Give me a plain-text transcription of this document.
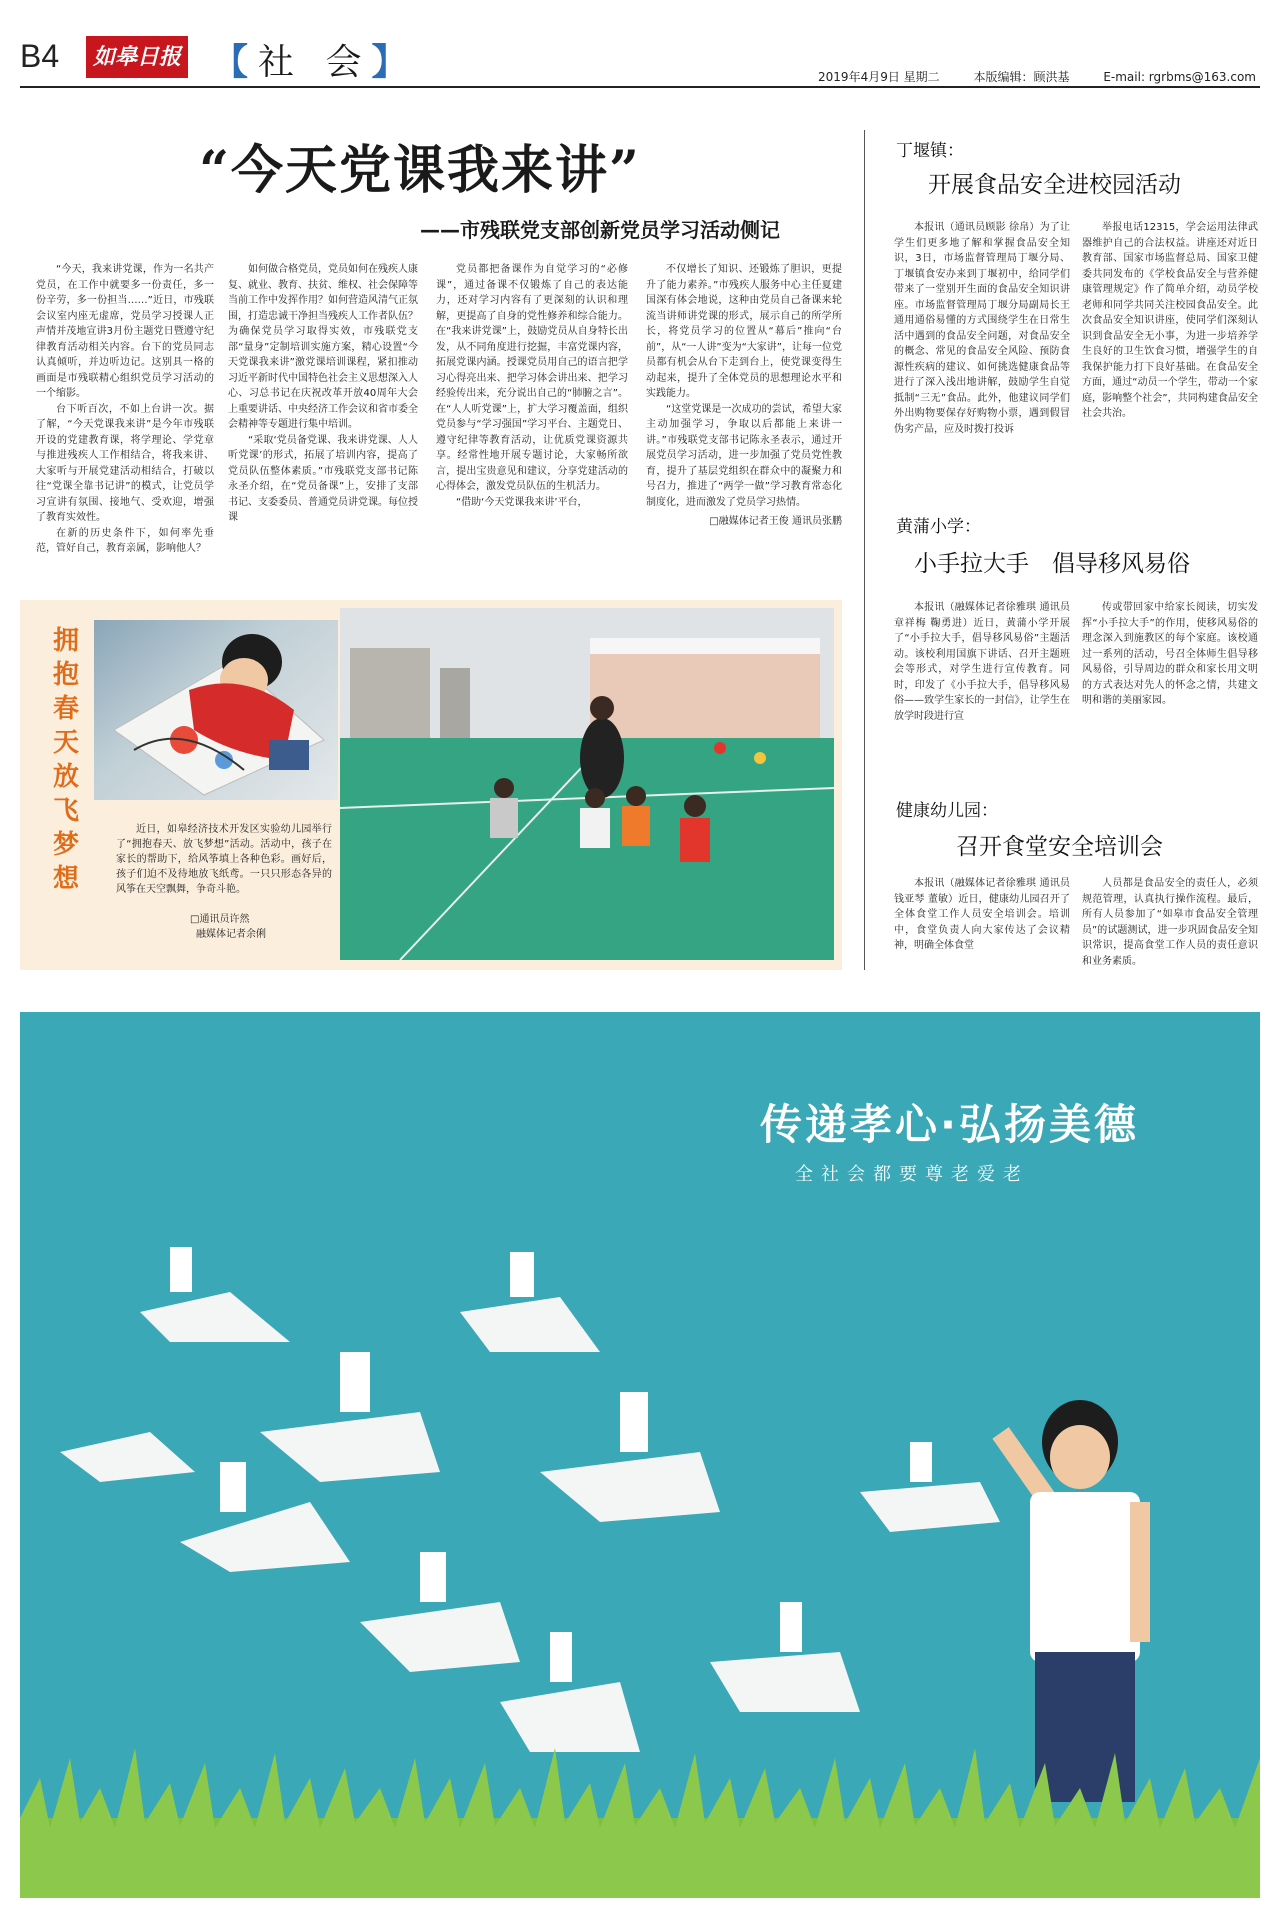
B4	如皋日报 【社 会】	2019年4月9日 星期二	本版编辑：顾洪基	E-mail: rgrbms@163.com
“今天党课我来讲”
——市残联党支部创新党员学习活动侧记

“今天，我来讲党课，作为一名共产党员，在工作中就要多一份责任，多一份辛劳，多一份担当……”近日，市残联会议室内座无虚席，党员学习授课人正声情并茂地宣讲3月份主题党日暨遵守纪律教育活动相关内容。台下的党员同志认真倾听，并边听边记。这别具一格的画面是市残联精心组织党员学习活动的一个缩影。

台下听百次，不如上台讲一次。据了解，“今天党课我来讲”是今年市残联开设的党建教育课，将学理论、学党章与推进残疾人工作相结合，将我来讲、大家听与开展党建活动相结合，打破以往“党课全靠书记讲”的模式，让党员学习宣讲有氛围、接地气、受欢迎，增强了教育实效性。

在新的历史条件下，如何率先垂范，管好自己，教育亲属，影响他人？

如何做合格党员，党员如何在残疾人康复、就业、教育、扶贫、维权、社会保障等当前工作中发挥作用？如何营造风清气正氛围，打造忠诚干净担当残疾人工作者队伍？为确保党员学习取得实效，市残联党支部“量身”定制培训实施方案，精心设置“今天党课我来讲”激党课培训课程，紧扣推动习近平新时代中国特色社会主义思想深入人心、习总书记在庆祝改革开放40周年大会上重要讲话、中央经济工作会议和省市委全会精神等专题进行集中培训。

“采取‘党员备党课、我来讲党课、人人听党课’的形式，拓展了培训内容，提高了党员队伍整体素质。”市残联党支部书记陈永圣介绍，在“党员备课”上，安排了支部书记、支委委员、普通党员讲党课。每位授课

党员都把备课作为自觉学习的“必修课”，通过备课不仅锻炼了自己的表达能力，还对学习内容有了更深刻的认识和理解，更提高了自身的党性修养和综合能力。在“我来讲党课”上，鼓励党员从自身特长出发，从不同角度进行挖掘，丰富党课内容，拓展党课内涵。授课党员用自己的语言把学习心得亮出来、把学习体会讲出来、把学习经验传出来，充分说出自己的“肺腑之言”。在“人人听党课”上，扩大学习覆盖面，组织党员参与“学习强国”学习平台、主题党日、遵守纪律等教育活动，让优质党课资源共享。经常性地开展专题讨论，大家畅所欲言，提出宝贵意见和建议，分享党建活动的心得体会，激发党员队伍的生机活力。

“借助‘今天党课我来讲’平台，

不仅增长了知识、还锻炼了胆识，更提升了能力素养。”市残疾人服务中心主任夏建国深有体会地说，这种由党员自己备课来轮流当讲师讲党课的形式，展示自己的所学所长，将党员学习的位置从“幕后”推向“台前”，从“一人讲”变为“大家讲”，让每一位党员都有机会从台下走到台上，使党课变得生动起来，提升了全体党员的思想理论水平和实践能力。

“这堂党课是一次成功的尝试，希望大家主动加强学习，争取以后都能上来讲一讲。”市残联党支部书记陈永圣表示，通过开展党员学习活动，进一步加强了党员党性教育，提升了基层党组织在群众中的凝聚力和号召力，推进了“两学一做”学习教育常态化制度化，进而激发了党员学习热情。

□融媒体记者王俊 通讯员张鹏
拥抱春天 放飞梦想

近日，如皋经济技术开发区实验幼儿园举行了“拥抱春天、放飞梦想”活动。活动中，孩子在家长的帮助下，给风筝填上各种色彩。画好后，孩子们迫不及待地放飞纸鸢。一只只形态各异的风筝在天空飘舞，争奇斗艳。

□通讯员许然
融媒体记者余俐
丁堰镇：
开展食品安全进校园活动

本报讯（通讯员顾影 徐帛）为了让学生们更多地了解和掌握食品安全知识，3日，市场监督管理局丁堰分局、丁堰镇食安办来到丁堰初中，给同学们带来了一堂别开生面的食品安全知识讲座。市场监督管理局丁堰分局副局长王通用通俗易懂的方式围绕学生在日常生活中遇到的食品安全问题，对食品安全的概念、常见的食品安全风险、预防食源性疾病的建议、如何挑选健康食品等进行了深入浅出地讲解，鼓励学生自觉抵制“三无”食品。此外，他建议同学们外出购物要保存好购物小票，遇到假冒伪劣产品，应及时拨打投诉

举报电话12315，学会运用法律武器维护自己的合法权益。讲座还对近日教育部、国家市场监督总局、国家卫健委共同发布的《学校食品安全与营养健康管理规定》作了简单介绍，动员学校老师和同学共同关注校园食品安全。此次食品安全知识讲座，使同学们深刻认识到食品安全无小事，为进一步培养学生良好的卫生饮食习惯，增强学生的自我保护能力打下良好基础。在食品安全方面，通过“动员一个学生，带动一个家庭，影响整个社会”，共同构建食品安全社会共治。

黄蒲小学：
小手拉大手　倡导移风易俗

本报讯（融媒体记者徐雅琪 通讯员章祥梅 鞠勇进）近日，黄蒲小学开展了“小手拉大手，倡导移风易俗”主题活动。该校利用国旗下讲话、召开主题班会等形式，对学生进行宣传教育。同时，印发了《小手拉大手，倡导移风易俗——致学生家长的一封信》，让学生在放学时段进行宣

传或带回家中给家长阅读，切实发挥“小手拉大手”的作用，使移风易俗的理念深入到施教区的每个家庭。该校通过一系列的活动，号召全体师生倡导移风易俗，引导周边的群众和家长用文明的方式表达对先人的怀念之情，共建文明和谐的美丽家园。

健康幼儿园：
召开食堂安全培训会

本报讯（融媒体记者徐雅琪 通讯员钱亚琴 董敏）近日，健康幼儿园召开了全体食堂工作人员安全培训会。培训中，食堂负责人向大家传达了会议精神，明确全体食堂

人员都是食品安全的责任人，必须规范管理，认真执行操作流程。最后，所有人员参加了“如皋市食品安全管理员”的试题测试，进一步巩固食品安全知识常识，提高食堂工作人员的责任意识和业务素质。

传递孝心·弘扬美德
全社会都要尊老爱老
